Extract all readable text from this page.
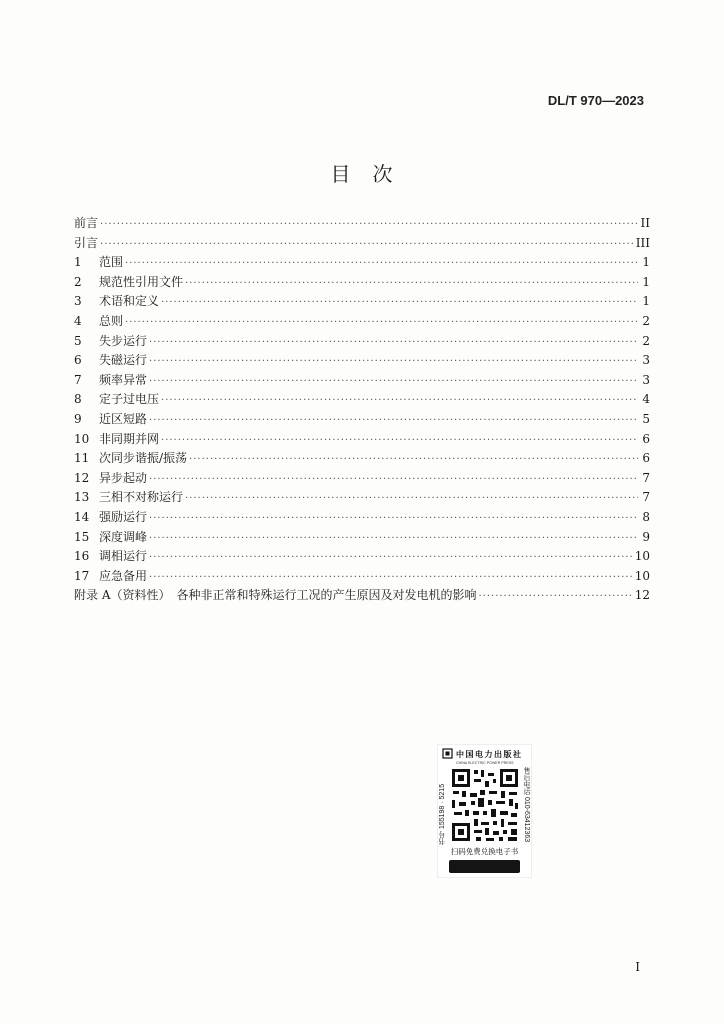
DL/T 970—2023
目　次
前言 ·····	II
引言 ·····	III
1	范围 ·····	1
2	规范性引用文件 ·····	1
3	术语和定义 ·····	1
4	总则 ·····	2
5	失步运行 ·····	2
6	失磁运行 ·····	3
7	频率异常 ·····	3
8	定子过电压 ·····	4
9	近区短路 ·····	5
10 非同期并网 ·····	6
11 次同步谐振/振荡 ·····	6
12 异步起动 ·····	7
13 三相不对称运行 ·····	7
14 强励运行 ·····	8
15 深度调峰 ·····	9
16 调相运行 ·····	10
17 应急备用 ·····	10
附录 A（资料性）　各种非正常和特殊运行工况的产生原因及对发电机的影响 ·····	12
中国电力出版社
CHINA ELECTRIC POWER PRESS
书号 155198 · 5215	售后电话 010-63412363
扫码免费兑换电子书
I
